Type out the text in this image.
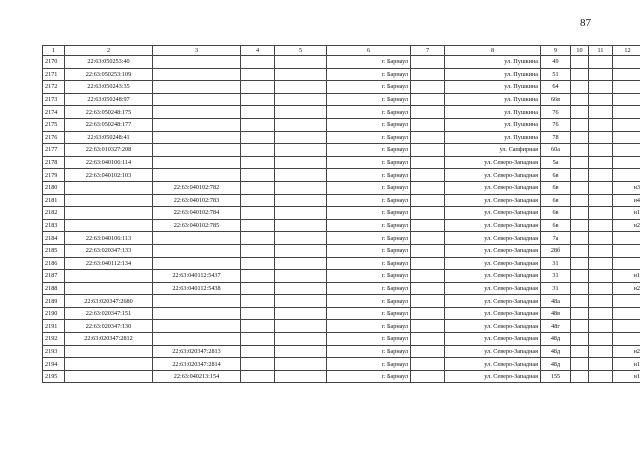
87
1	2	3	4	5	6	7	8	9	10	11	12
2170	22:63:050253:40				г. Барнаул		ул. Пушкина	49			
2171	22:63:050253:109				г. Барнаул		ул. Пушкина	51			
2172	22:63:050243:35				г. Барнаул		ул. Пушкина	64			
2173	22:63:050248:97				г. Барнаул		ул. Пушкина	66в			
2174	22:63:050248:175				г. Барнаул		ул. Пушкина	76			
2175	22:63:050248:177				г. Барнаул		ул. Пушкина	76			
2176	22:63:050248:41				г. Барнаул		ул. Пушкина	78			
2177	22:63:010327:208				г. Барнаул		ул. Сапфирная	60а			
2178	22:63:040106:114				г. Барнаул		ул. Северо-Западная	5а			
2179	22:63:040102:103				г. Барнаул		ул. Северо-Западная	6в			
2180		22:63:040102:782			г. Барнаул		ул. Северо-Западная	6в			н3
2181		22:63:040102:783			г. Барнаул		ул. Северо-Западная	6в			н4
2182		22:63:040102:784			г. Барнаул		ул. Северо-Западная	6в			н1
2183		22:63:040102:785			г. Барнаул		ул. Северо-Западная	6в			н2
2184	22:63:040106:113				г. Барнаул		ул. Северо-Западная	7а			
2185	22:63:020347:133				г. Барнаул		ул. Северо-Западная	28б			
2186	22:63:040112:134				г. Барнаул		ул. Северо-Западная	31			
2187		22:63:040112:5437			г. Барнаул		ул. Северо-Западная	31			н1
2188		22:63:040112:5438			г. Барнаул		ул. Северо-Западная	31			н2
2189	22:63:020347:2680				г. Барнаул		ул. Северо-Западная	48а			
2190	22:63:020347:151				г. Барнаул		ул. Северо-Западная	48в			
2191	22:63:020347:130				г. Барнаул		ул. Северо-Западная	48г			
2192	22:63:020347:2812				г. Барнаул		ул. Северо-Западная	48д			
2193		22:63:020347:2813			г. Барнаул		ул. Северо-Западная	48д			н2
2194		22:63:020347:2814			г. Барнаул		ул. Северо-Западная	48д			н1
2195		22:63:040213:154			г. Барнаул		ул. Северо-Западная	155			н1
